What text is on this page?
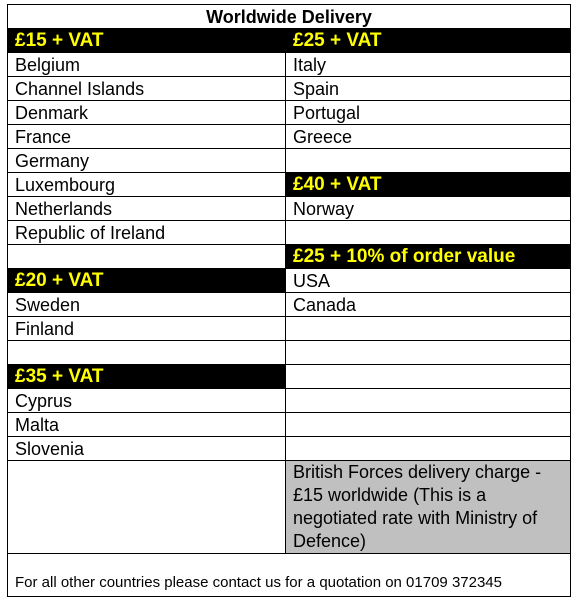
Worldwide Delivery	
£15 + VAT	£25 + VAT
Belgium	Italy
Channel Islands	Spain
Denmark	Portugal
France	Greece
Germany	
Luxembourg	£40 + VAT
Netherlands	Norway
Republic of Ireland	
	£25 + 10% of order value
£20 + VAT	USA
Sweden	Canada
Finland	

£35 + VAT	
Cyprus	
Malta	
Slovenia	
	British Forces delivery charge - £15 worldwide (This is a negotiated rate with Ministry of Defence)
For all other countries please contact us for a quotation on 01709 372345	
